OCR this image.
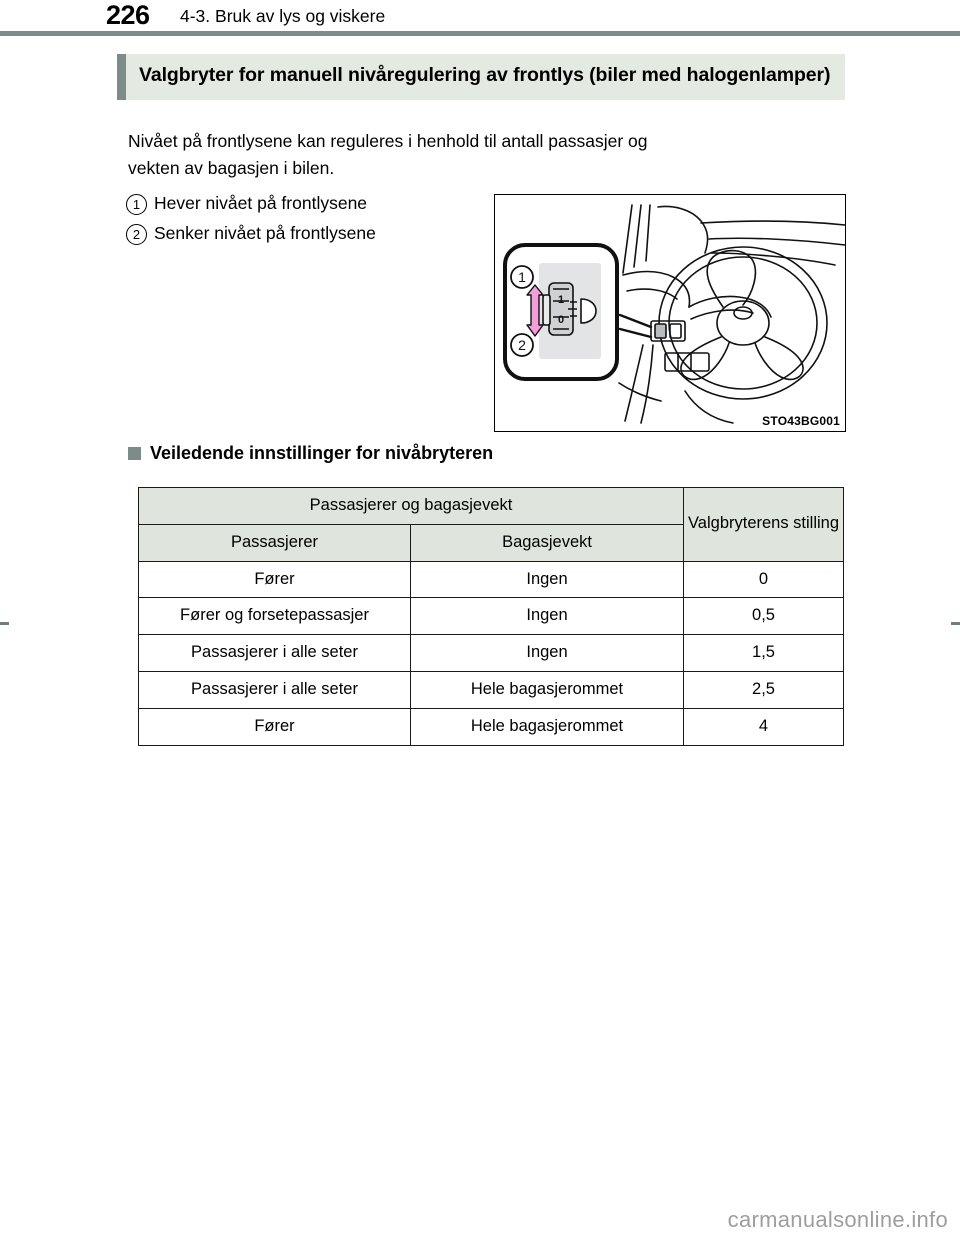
226 4-3. Bruk av lys og viskere
Valgbryter for manuell nivåregulering av frontlys (biler med halogenlamper)
Nivået på frontlysene kan reguleres i henhold til antall passasjer og
vekten av bagasjen i bilen.
1 Hever nivået på frontlysene
2 Senker nivået på frontlysene
1
0
1
2
STO43BG001
Veiledende innstillinger for nivåbryteren
Passasjerer og bagasjevekt		Valgbryterens stilling
Passasjerer	Bagasjevekt	
Fører	Ingen	0
Fører og forsetepassasjer	Ingen	0,5
Passasjerer i alle seter	Ingen	1,5
Passasjerer i alle seter	Hele bagasjerommet	2,5
Fører	Hele bagasjerommet	4
carmanualsonline.info
